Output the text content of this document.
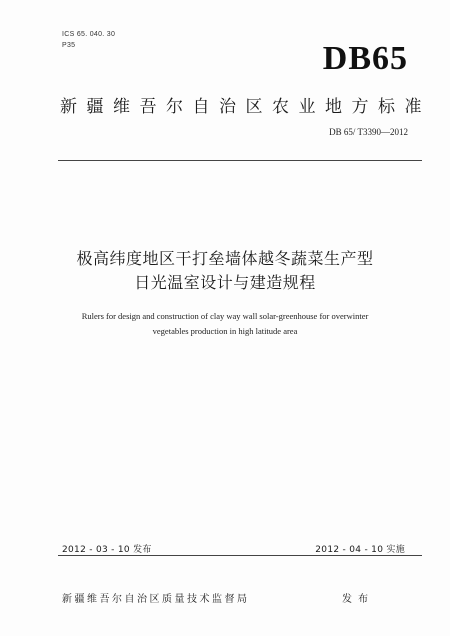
ICS 65. 040. 30
P35	DB65
新疆维吾尔自治区农业地方标准
DB 65/ T3390—2012
极高纬度地区干打垒墙体越冬蔬菜生产型
日光温室设计与建造规程
Rulers for design and construction of clay way wall solar-greenhouse for overwinter
vegetables production in high latitude area
2012 - 03 - 10 发布	2012 - 04 - 10 实施
新疆维吾尔自治区质量技术监督局	发布
